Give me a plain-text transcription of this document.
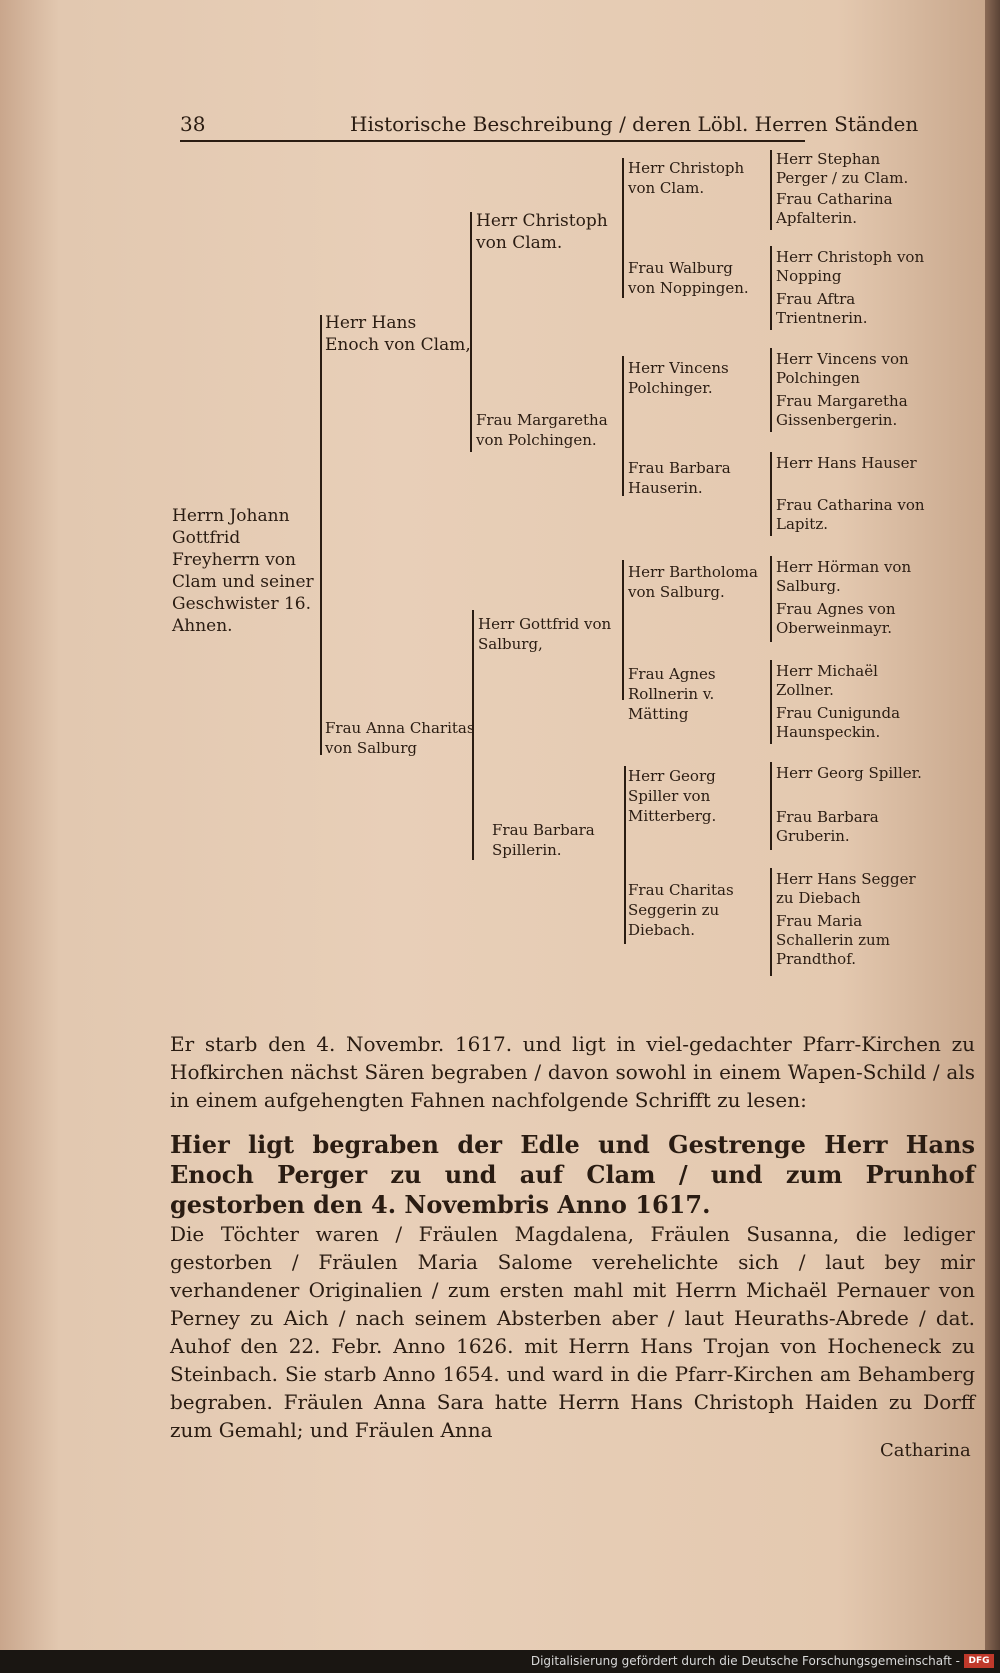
38	Historische Beschreibung / deren Löbl. Herren Ständen
Herrn Johann Gottfrid Freyherrn von Clam und seiner Geschwister 16. Ahnen.
Herr Hans Enoch von Clam,
Frau Anna Charitas von Salburg
Herr Christoph von Clam.
Frau Margaretha von Polchingen.
Herr Gottfrid von Salburg,
Frau Barbara Spillerin.
Herr Christoph von Clam.
Frau Walburg von Noppingen.
Herr Vincens Polchinger.
Frau Barbara Hauserin.
Herr Bartholoma von Salburg.
Frau Agnes Rollnerin v. Mätting
Herr Georg Spiller von Mitterberg.
Frau Charitas Seggerin zu Diebach.
Herr Stephan Perger / zu Clam.
Frau Catharina Apfalterin.
Herr Christoph von Nopping
Frau Aftra Trientnerin.
Herr Vincens von Polchingen
Frau Margaretha Gissenbergerin.
Herr Hans Hauser
Frau Catharina von Lapitz.
Herr Hörman von Salburg.
Frau Agnes von Oberweinmayr.
Herr Michaël Zollner.
Frau Cunigunda Haunspeckin.
Herr Georg Spiller.
Frau Barbara Gruberin.
Herr Hans Segger zu Diebach
Frau Maria Schallerin zum Prandthof.
Er starb den 4. Novembr. 1617. und ligt in viel-gedachter Pfarr-Kirchen zu Hofkirchen nächst Sären begraben / davon sowohl in einem Wapen-Schild / als in einem aufgehengten Fahnen nachfolgende Schrifft zu lesen:
Hier ligt begraben der Edle und Gestrenge Herr Hans Enoch Perger zu und auf Clam / und zum Prunhof gestorben den 4. Novembris Anno 1617.
Die Töchter waren / Fräulen Magdalena, Fräulen Susanna, die lediger gestorben / Fräulen Maria Salome verehelichte sich / laut bey mir verhandener Originalien / zum ersten mahl mit Herrn Michaël Pernauer von Perney zu Aich / nach seinem Absterben aber / laut Heuraths-Abrede / dat. Auhof den 22. Febr. Anno 1626. mit Herrn Hans Trojan von Hocheneck zu Steinbach. Sie starb Anno 1654. und ward in die Pfarr-Kirchen am Behamberg begraben. Fräulen Anna Sara hatte Herrn Hans Christoph Haiden zu Dorff zum Gemahl; und Fräulen Anna
Catharina
Digitalisierung gefördert durch die Deutsche Forschungsgemeinschaft - DFG
